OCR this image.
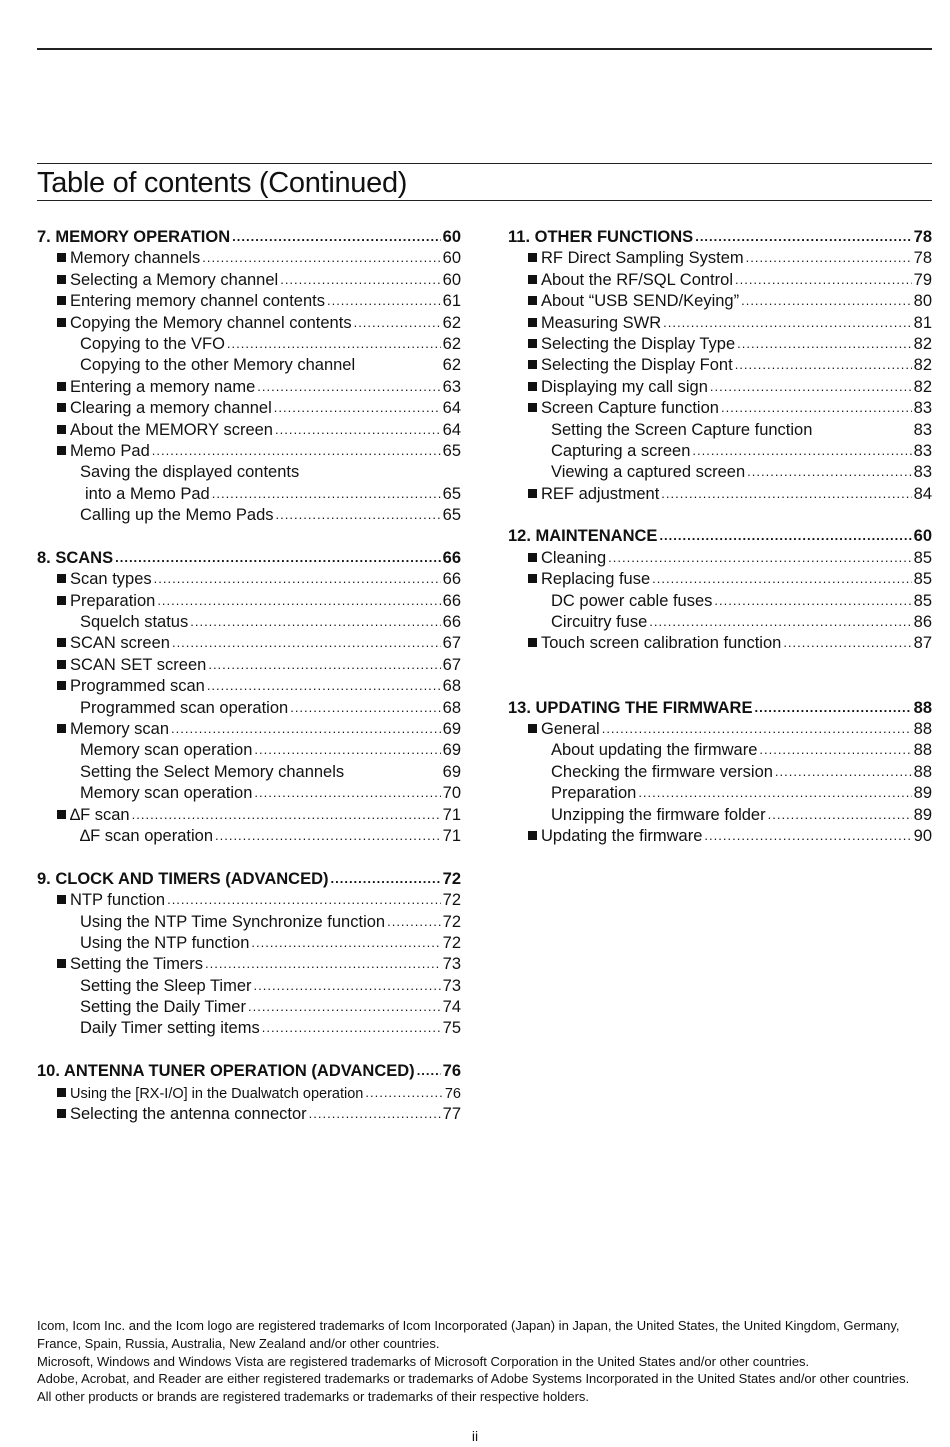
Table of contents (Continued)
7. MEMORY OPERATION .....	60
Memory channels .....	60
Selecting a Memory channel .....	60
Entering memory channel contents .....	61
Copying the Memory channel contents .....	62
Copying to the VFO .....	62
Copying to the other Memory channel	62
Entering a memory name .....	63
Clearing a memory channel .....	64
About the MEMORY screen .....	64
Memo Pad .....	65
Saving the displayed contents
into a Memo Pad .....	65
Calling up the Memo Pads .....	65
8. SCANS .....	66
Scan types .....	66
Preparation .....	66
Squelch status .....	66
SCAN screen .....	67
SCAN SET screen .....	67
Programmed scan .....	68
Programmed scan operation .....	68
Memory scan .....	69
Memory scan operation .....	69
Setting the Select Memory channels	69
Memory scan operation .....	70
∆F scan .....	71
∆F scan operation .....	71
9. CLOCK AND TIMERS (ADVANCED) .....	72
NTP function .....	72
Using the NTP Time Synchronize function .....	72
Using the NTP function .....	72
Setting the Timers .....	73
Setting the Sleep Timer .....	73
Setting the Daily Timer .....	74
Daily Timer setting items .....	75
10. ANTENNA TUNER OPERATION (ADVANCED) ..... 76
Using the [RX-I/O] in the Dualwatch operation .....	76
Selecting the antenna connector .....	77
11. OTHER FUNCTIONS .....	78
RF Direct Sampling System .....	78
About the RF/SQL Control .....	79
About “USB SEND/Keying” .....	80
Measuring SWR .....	81
Selecting the Display Type .....	82
Selecting the Display Font .....	82
Displaying my call sign .....	82
Screen Capture function .....	83
Setting the Screen Capture function	83
Capturing a screen .....	83
Viewing a captured screen .....	83
REF adjustment .....	84
12. MAINTENANCE .....	60
Cleaning .....	85
Replacing fuse .....	85
DC power cable fuses .....	85
Circuitry fuse .....	86
Touch screen calibration function .....	87
13. UPDATING THE FIRMWARE .....	88
General .....	88
About updating the firmware .....	88
Checking the firmware version .....	88
Preparation .....	89
Unzipping the firmware folder .....	89
Updating the firmware .....	90

Icom, Icom Inc. and the Icom logo are registered trademarks of Icom Incorporated (Japan) in Japan, the United States, the United Kingdom, Germany, France, Spain, Russia, Australia, New Zealand and/or other countries.

Microsoft, Windows and Windows Vista are registered trademarks of Microsoft Corporation in the United States and/or other countries.

Adobe, Acrobat, and Reader are either registered trademarks or trademarks of Adobe Systems Incorporated in the United States and/or other countries.

All other products or brands are registered trademarks or trademarks of their respective holders.

ii
